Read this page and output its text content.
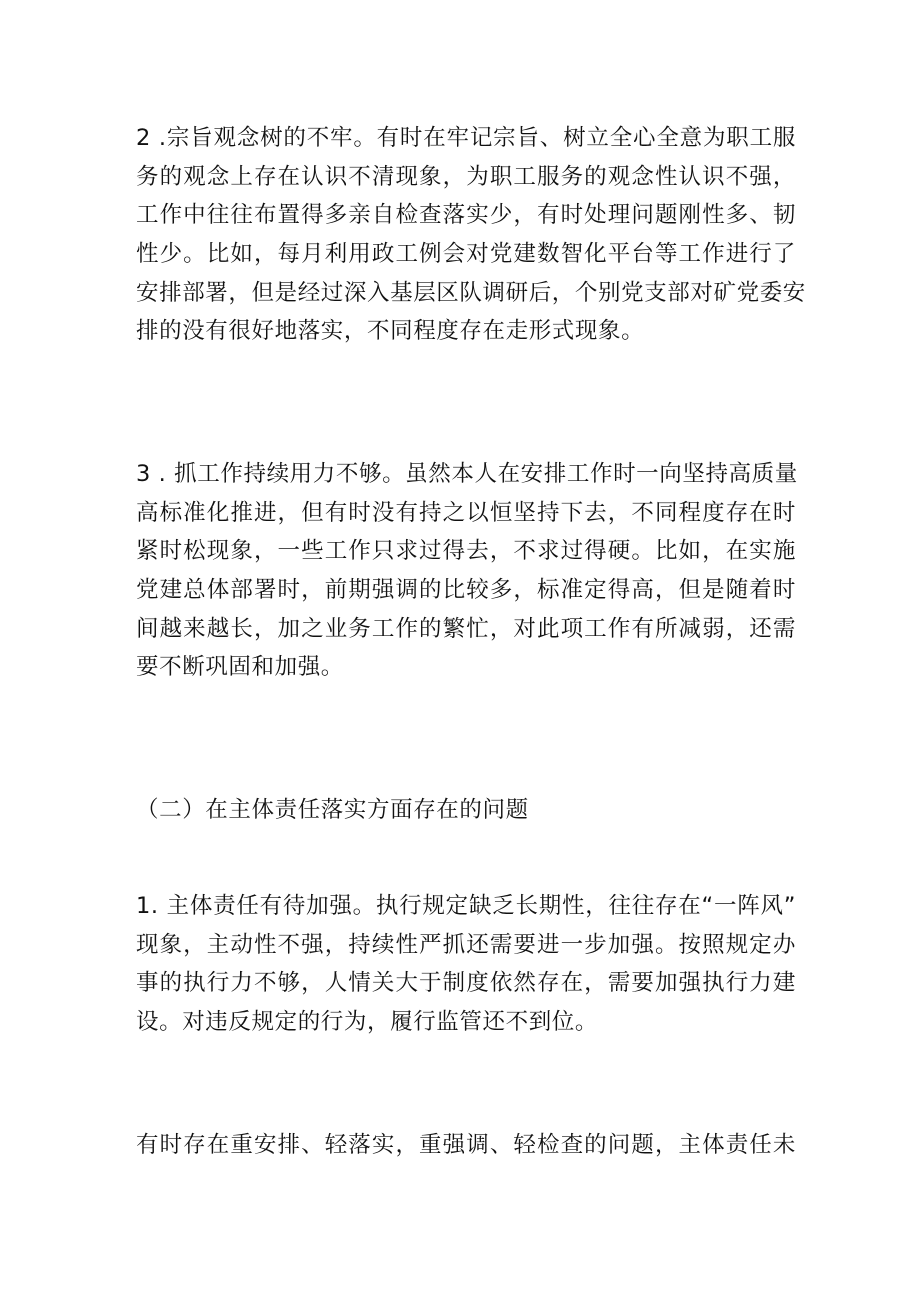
2 .宗旨观念树的不牢。有时在牢记宗旨、树立全心全意为职工服
务的观念上存在认识不清现象，为职工服务的观念性认识不强，
工作中往往布置得多亲自检查落实少，有时处理问题刚性多、韧
性少。比如，每月利用政工例会对党建数智化平台等工作进行了
安排部署，但是经过深入基层区队调研后，个别党支部对矿党委安
排的没有很好地落实，不同程度存在走形式现象。
3 . 抓工作持续用力不够。虽然本人在安排工作时一向坚持高质量
高标准化推进，但有时没有持之以恒坚持下去，不同程度存在时
紧时松现象，一些工作只求过得去，不求过得硬。比如，在实施
党建总体部署时，前期强调的比较多，标准定得高，但是随着时
间越来越长，加之业务工作的繁忙，对此项工作有所减弱，还需
要不断巩固和加强。
（二）在主体责任落实方面存在的问题
1. 主体责任有待加强。执行规定缺乏长期性，往往存在“一阵风”
现象，主动性不强，持续性严抓还需要进一步加强。按照规定办
事的执行力不够，人情关大于制度依然存在，需要加强执行力建
设。对违反规定的行为，履行监管还不到位。
有时存在重安排、轻落实，重强调、轻检查的问题，主体责任未
